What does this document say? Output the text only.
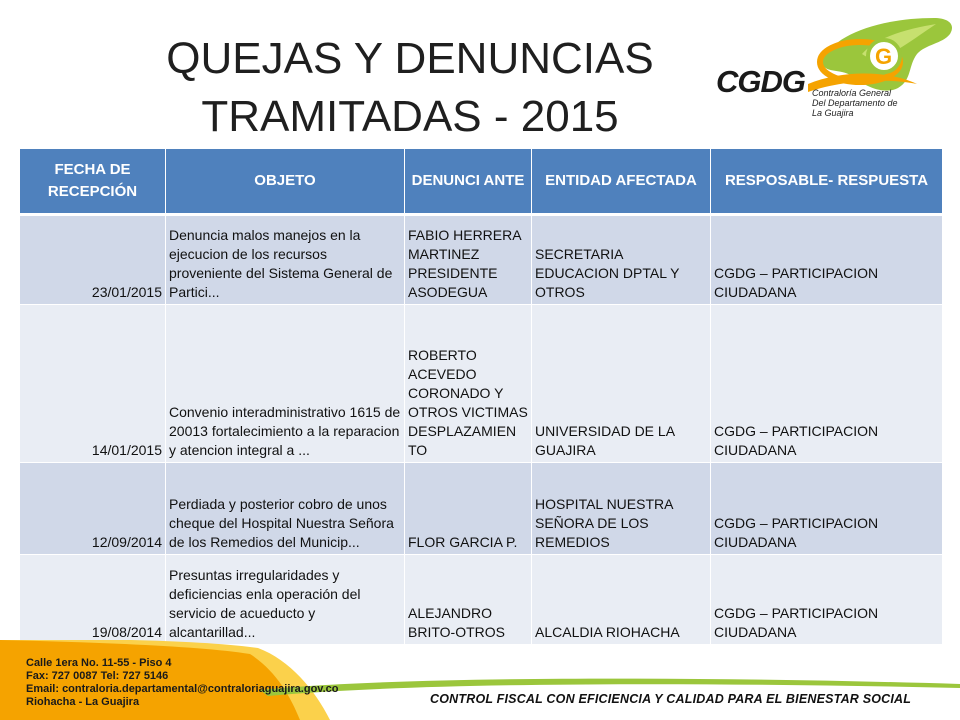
QUEJAS Y DENUNCIAS
TRAMITADAS - 2015
G
CGDG Contraloría General
Del Departamento de
La Guajira
FECHA DE RECEPCIÓN	OBJETO	DENUNCI ANTE	ENTIDAD AFECTADA	RESPOSABLE- RESPUESTA
23/01/2015	Denuncia malos manejos en la ejecucion de los recursos proveniente del Sistema General de Partici...	FABIO HERRERA MARTINEZ PRESIDENTE ASODEGUA	SECRETARIA EDUCACION DPTAL Y OTROS	CGDG – PARTICIPACION CIUDADANA
14/01/2015	Convenio interadministrativo 1615 de 20013 fortalecimiento a la reparacion y atencion integral a ...	ROBERTO ACEVEDO CORONADO Y OTROS VICTIMAS DESPLAZAMIEN TO	UNIVERSIDAD DE LA GUAJIRA	CGDG – PARTICIPACION CIUDADANA
12/09/2014	Perdiada y posterior cobro de unos cheque del Hospital Nuestra Señora de los Remedios del Municip...	FLOR GARCIA P.	HOSPITAL NUESTRA SEÑORA DE LOS REMEDIOS	CGDG – PARTICIPACION CIUDADANA
19/08/2014	Presuntas irregularidades y deficiencias enla operación del servicio de acueducto y alcantarillad...	ALEJANDRO BRITO-OTROS	ALCALDIA RIOHACHA	CGDG – PARTICIPACION CIUDADANA
Calle 1era No. 11-55 - Piso 4
Fax: 727 0087 Tel: 727 5146
Email: contraloria.departamental@contraloriaguajira.gov.co
Riohacha - La Guajira	CONTROL FISCAL CON EFICIENCIA Y CALIDAD PARA EL BIENESTAR SOCIAL
